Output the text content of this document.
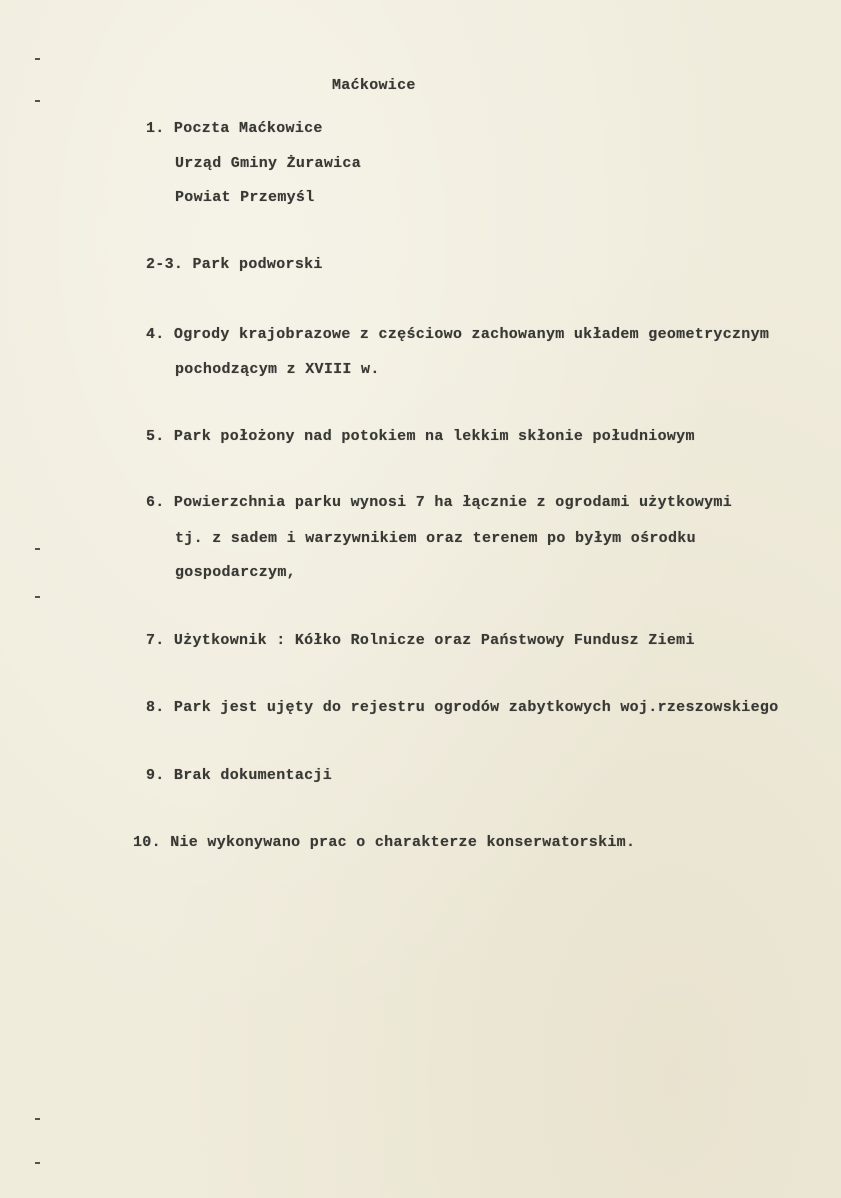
Maćkowice
1. Poczta Maćkowice
Urząd Gminy Żurawica
Powiat Przemyśl
2-3. Park podworski
4. Ogrody krajobrazowe z częściowo zachowanym układem geometrycznym
pochodzącym z XVIII w.
5. Park położony nad potokiem na lekkim skłonie południowym
6. Powierzchnia parku wynosi 7 ha łącznie z ogrodami użytkowymi
tj. z sadem i warzywnikiem oraz terenem po byłym ośrodku
gospodarczym,
7. Użytkownik : Kółko Rolnicze oraz Państwowy Fundusz Ziemi
8. Park jest ujęty do rejestru ogrodów zabytkowych woj.rzeszowskiego
9. Brak dokumentacji
10. Nie wykonywano prac o charakterze konserwatorskim.
